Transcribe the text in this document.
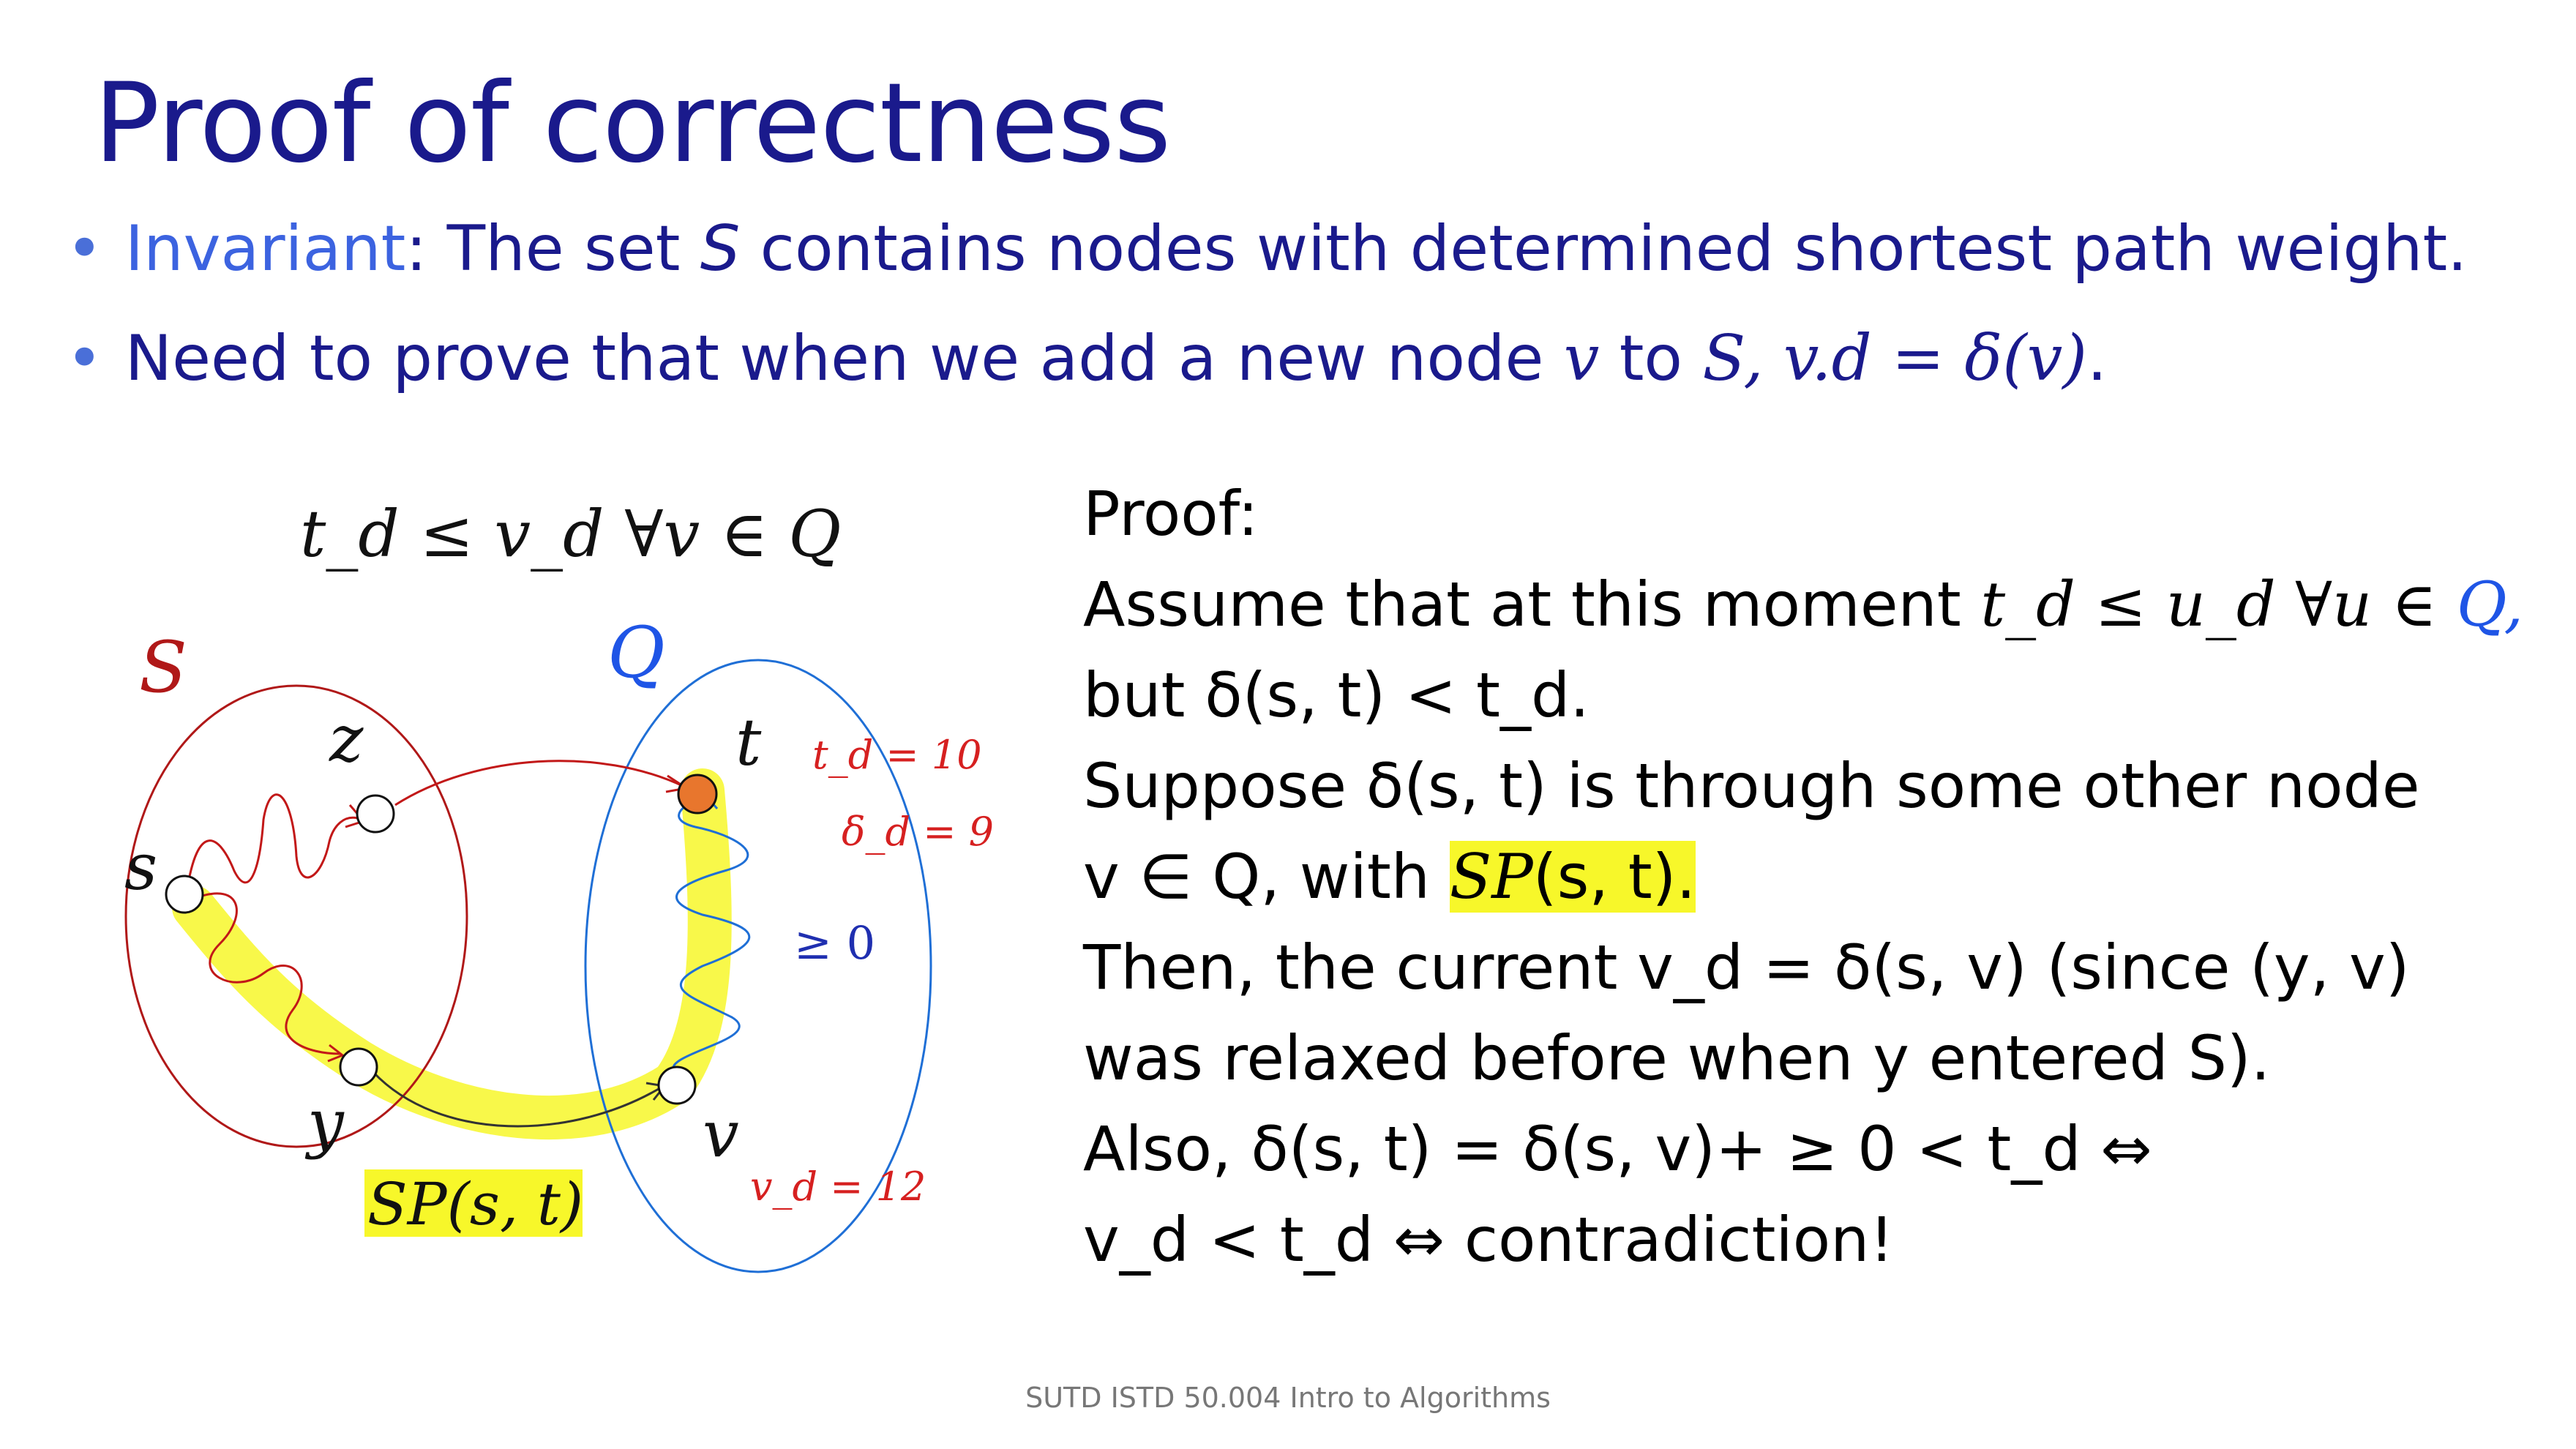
Proof of correctness
• Invariant: The set S contains nodes with determined shortest path weight.
• Need to prove that when we add a new node v to S, v.d = δ(v).
t_d ≤ v_d ∀v ∈ Q
S	Q
z
s
y
t
v
t_d = 10
δ_d = 9
≥ 0
v_d = 12
SP(s, t)
Proof:
Assume that at this moment t_d ≤ u_d ∀u ∈ Q,
but δ(s, t) < t_d.
Suppose δ(s, t) is through some other node
v ∈ Q, with SP(s, t).
Then, the current v_d = δ(s, v) (since (y, v)
was relaxed before when y entered S).
Also, δ(s, t) = δ(s, v)+ ≥ 0 < t_d ⇔
v_d < t_d ⇔ contradiction!
SUTD ISTD 50.004 Intro to Algorithms
